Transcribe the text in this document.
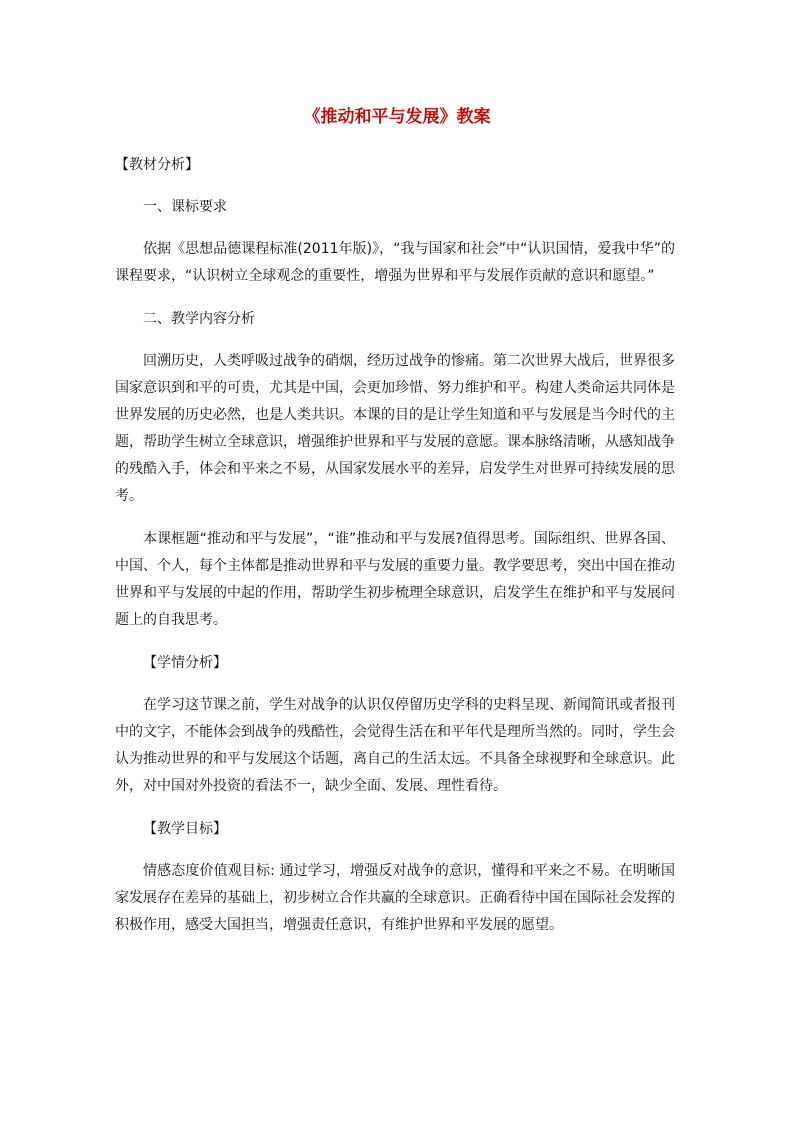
《推动和平与发展》教案
【教材分析】
一、课标要求

依据《思想品德课程标准(2011年版)》，“我与国家和社会”中“认识国情，爱我中华”的课程要求，“认识树立全球观念的重要性，增强为世界和平与发展作贡献的意识和愿望。”

二、教学内容分析

回溯历史，人类呼吸过战争的硝烟，经历过战争的惨痛。第二次世界大战后，世界很多国家意识到和平的可贵，尤其是中国，会更加珍惜、努力维护和平。构建人类命运共同体是世界发展的历史必然，也是人类共识。本课的目的是让学生知道和平与发展是当今时代的主题，帮助学生树立全球意识，增强维护世界和平与发展的意愿。课本脉络清晰，从感知战争的残酷入手，体会和平来之不易，从国家发展水平的差异，启发学生对世界可持续发展的思考。

本课框题“推动和平与发展”，“谁”推动和平与发展?值得思考。国际组织、世界各国、中国、个人，每个主体都是推动世界和平与发展的重要力量。教学要思考，突出中国在推动世界和平与发展的中起的作用，帮助学生初步梳理全球意识，启发学生在维护和平与发展问题上的自我思考。

【学情分析】

在学习这节课之前，学生对战争的认识仅停留历史学科的史料呈现、新闻简讯或者报刊中的文字，不能体会到战争的残酷性，会觉得生活在和平年代是理所当然的。同时，学生会认为推动世界的和平与发展这个话题，离自己的生活太远。不具备全球视野和全球意识。此外，对中国对外投资的看法不一，缺少全面、发展、理性看待。

【教学目标】

情感态度价值观目标: 通过学习，增强反对战争的意识，懂得和平来之不易。在明晰国家发展存在差异的基础上，初步树立合作共赢的全球意识。正确看待中国在国际社会发挥的积极作用，感受大国担当，增强责任意识，有维护世界和平发展的愿望。
